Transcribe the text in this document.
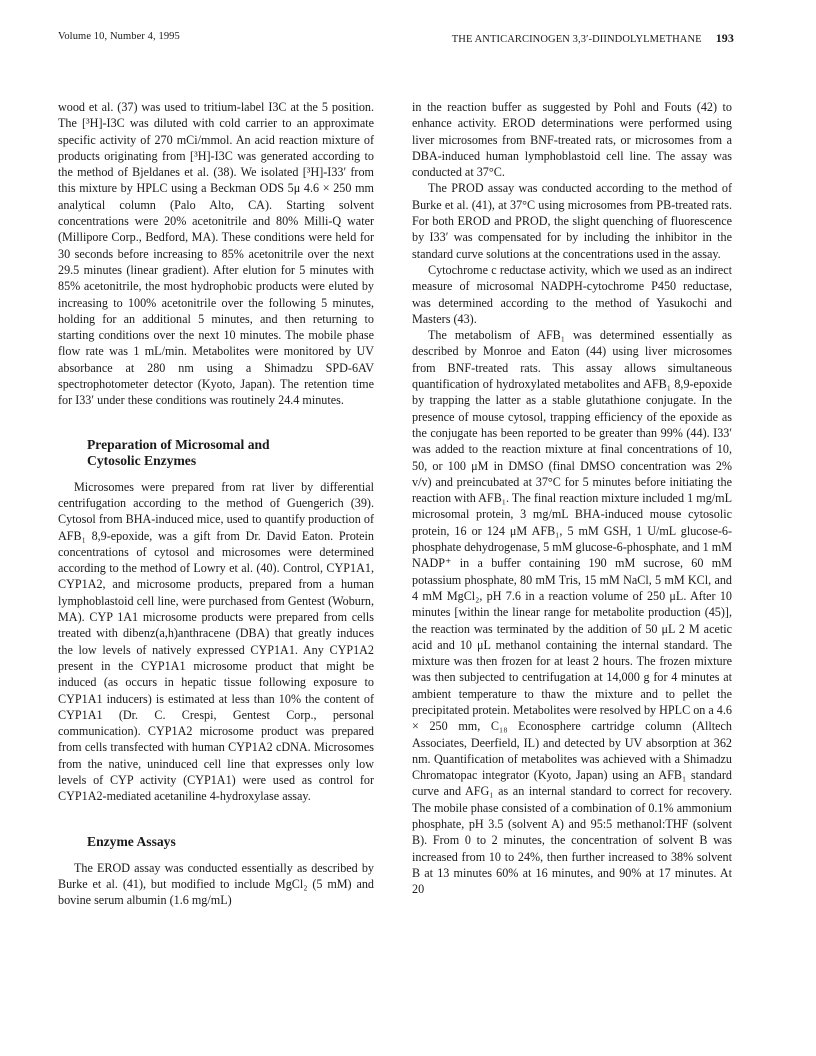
Volume 10, Number 4, 1995	THE ANTICARCINOGEN 3,3′-DIINDOLYLMETHANE 193

wood et al. (37) was used to tritium-label I3C at the 5 position. The [³H]-I3C was diluted with cold carrier to an approximate specific activity of 270 mCi/mmol. An acid reaction mixture of products originating from [³H]-I3C was generated according to the method of Bjeldanes et al. (38). We isolated [³H]-I33′ from this mixture by HPLC using a Beckman ODS 5μ 4.6 × 250 mm analytical column (Palo Alto, CA). Starting solvent concentrations were 20% acetonitrile and 80% Milli-Q water (Millipore Corp., Bedford, MA). These conditions were held for 30 seconds before increasing to 85% acetonitrile over the next 29.5 minutes (linear gradient). After elution for 5 minutes with 85% acetonitrile, the most hydrophobic products were eluted by increasing to 100% acetonitrile over the following 5 minutes, holding for an additional 5 minutes, and then returning to starting conditions over the next 10 minutes. The mobile phase flow rate was 1 mL/min. Metabolites were monitored by UV absorbance at 280 nm using a Shimadzu SPD-6AV spectrophotometer detector (Kyoto, Japan). The retention time for I33′ under these conditions was routinely 24.4 minutes.

Preparation of Microsomal and
Cytosolic Enzymes

Microsomes were prepared from rat liver by differential centrifugation according to the method of Guengerich (39). Cytosol from BHA-induced mice, used to quantify production of AFB₁ 8,9-epoxide, was a gift from Dr. David Eaton. Protein concentrations of cytosol and microsomes were determined according to the method of Lowry et al. (40). Control, CYP1A1, CYP1A2, and microsome products, prepared from a human lymphoblastoid cell line, were purchased from Gentest (Woburn, MA). CYP 1A1 microsome products were prepared from cells treated with dibenz(a,h)anthracene (DBA) that greatly induces the low levels of natively expressed CYP1A1. Any CYP1A2 present in the CYP1A1 microsome product that might be induced (as occurs in hepatic tissue following exposure to CYP1A1 inducers) is estimated at less than 10% the content of CYP1A1 (Dr. C. Crespi, Gentest Corp., personal communication). CYP1A2 microsome product was prepared from cells transfected with human CYP1A2 cDNA. Microsomes from the native, uninduced cell line that expresses only low levels of CYP activity (CYP1A1) were used as control for CYP1A2-mediated acetaniline 4-hydroxylase assay.

Enzyme Assays

The EROD assay was conducted essentially as described by Burke et al. (41), but modified to include MgCl₂ (5 mM) and bovine serum albumin (1.6 mg/mL)

in the reaction buffer as suggested by Pohl and Fouts (42) to enhance activity. EROD determinations were performed using liver microsomes from BNF-treated rats, or microsomes from a DBA-induced human lymphoblastoid cell line. The assay was conducted at 37°C.

The PROD assay was conducted according to the method of Burke et al. (41), at 37°C using microsomes from PB-treated rats. For both EROD and PROD, the slight quenching of fluorescence by I33′ was compensated for by including the inhibitor in the standard curve solutions at the concentrations used in the assay.

Cytochrome c reductase activity, which we used as an indirect measure of microsomal NADPH-cytochrome P450 reductase, was determined according to the method of Yasukochi and Masters (43).

The metabolism of AFB₁ was determined essentially as described by Monroe and Eaton (44) using liver microsomes from BNF-treated rats. This assay allows simultaneous quantification of hydroxylated metabolites and AFB₁ 8,9-epoxide by trapping the latter as a stable glutathione conjugate. In the presence of mouse cytosol, trapping efficiency of the epoxide as the conjugate has been reported to be greater than 99% (44). I33′ was added to the reaction mixture at final concentrations of 10, 50, or 100 μM in DMSO (final DMSO concentration was 2% v/v) and preincubated at 37°C for 5 minutes before initiating the reaction with AFB₁. The final reaction mixture included 1 mg/mL microsomal protein, 3 mg/mL BHA-induced mouse cytosolic protein, 16 or 124 μM AFB₁, 5 mM GSH, 1 U/mL glucose-6-phosphate dehydrogenase, 5 mM glucose-6-phosphate, and 1 mM NADP⁺ in a buffer containing 190 mM sucrose, 60 mM potassium phosphate, 80 mM Tris, 15 mM NaCl, 5 mM KCl, and 4 mM MgCl₂, pH 7.6 in a reaction volume of 250 μL. After 10 minutes [within the linear range for metabolite production (45)], the reaction was terminated by the addition of 50 μL 2 M acetic acid and 10 μL methanol containing the internal standard. The mixture was then frozen for at least 2 hours. The frozen mixture was then subjected to centrifugation at 14,000 g for 4 minutes at ambient temperature to thaw the mixture and to pellet the precipitated protein. Metabolites were resolved by HPLC on a 4.6 × 250 mm, C₁₈ Econosphere cartridge column (Alltech Associates, Deerfield, IL) and detected by UV absorption at 362 nm. Quantification of metabolites was achieved with a Shimadzu Chromatopac integrator (Kyoto, Japan) using an AFB₁ standard curve and AFG₁ as an internal standard to correct for recovery. The mobile phase consisted of a combination of 0.1% ammonium phosphate, pH 3.5 (solvent A) and 95:5 methanol:THF (solvent B). From 0 to 2 minutes, the concentration of solvent B was increased from 10 to 24%, then further increased to 38% solvent B at 13 minutes 60% at 16 minutes, and 90% at 17 minutes. At 20
